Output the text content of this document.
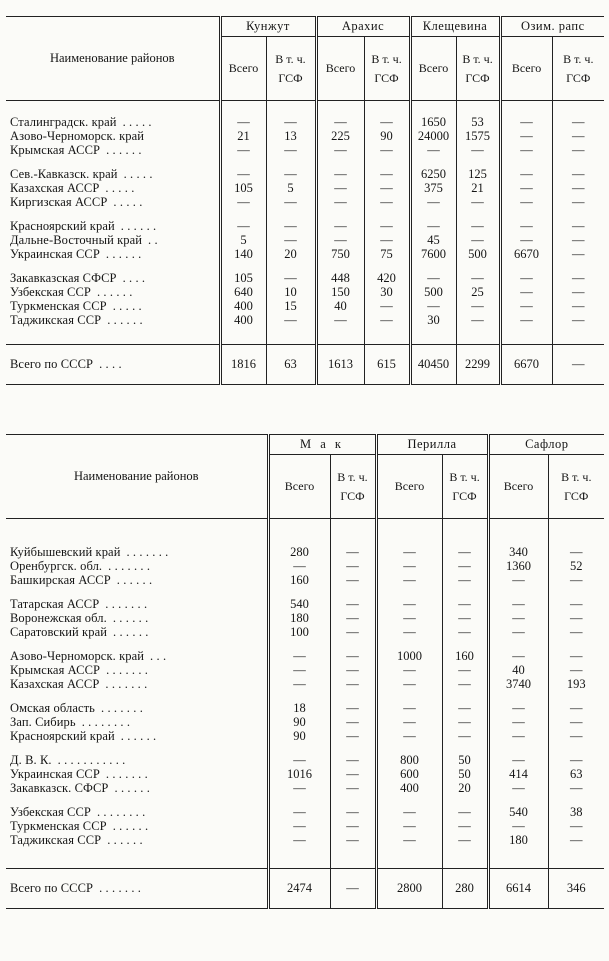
Наименование районов	Кунжут		Арахис		Клещевина		Озим. рапс	
	Всего	В т. ч. ГСФ	Всего	В т. ч. ГСФ	Всего	В т. ч. ГСФ	Всего	В т. ч. ГСФ

Сталинградск. край . . . . .	—	—	—	—	1650	53	—	—
Азово-Черноморск. край	21	13	225	90	24000	1575	—	—
Крымская АССР . . . . . .	—	—	—	—	—	—	—	—

Сев.-Кавказск. край . . . . .	—	—	—	—	6250	125	—	—
Казахская АССР . . . . .	105	5	—	—	375	21	—	—
Киргизская АССР . . . . .	—	—	—	—	—	—	—	—

Красноярский край . . . . . .	—	—	—	—	—	—	—	—
Дальне-Восточный край . .	5	—	—	—	45	—	—	—
Украинская ССР . . . . . .	140	20	750	75	7600	500	6670	—

Закавказская СФСР . . . .	105	—	448	420	—	—	—	—
Узбекская ССР . . . . . .	640	10	150	30	500	25	—	—
Туркменская ССР . . . . .	400	15	40	—	—	—	—	—
Таджикская ССР . . . . . .	400	—	—	—	30	—	—	—

Всего по СССР . . . .	1816	63	1613	615	40450	2299	6670	—
Наименование районов	М а к		Перилла		Сафлор	
	Всего	В т. ч. ГСФ	Всего	В т. ч. ГСФ	Всего	В т. ч. ГСФ

Куйбышевский край . . . . . . .	280	—	—	—	340	—
Оренбургск. обл. . . . . . . .	—	—	—	—	1360	52
Башкирская АССР . . . . . .	160	—	—	—	—	—

Татарская АССР . . . . . . .	540	—	—	—	—	—
Воронежская обл. . . . . . .	180	—	—	—	—	—
Саратовский край . . . . . .	100	—	—	—	—	—

Азово-Черноморск. край . . .	—	—	1000	160	—	—
Крымская АССР . . . . . . .	—	—	—	—	40	—
Казахская АССР . . . . . . .	—	—	—	—	3740	193

Омская область . . . . . . .	18	—	—	—	—	—
Зап. Сибирь . . . . . . . .	90	—	—	—	—	—
Красноярский край . . . . . .	90	—	—	—	—	—

Д. В. К. . . . . . . . . . . .	—	—	800	50	—	—
Украинская ССР . . . . . . .	1016	—	600	50	414	63
Закавказск. СФСР . . . . . .	—	—	400	20	—	—

Узбекская ССР . . . . . . . .	—	—	—	—	540	38
Туркменская ССР . . . . . .	—	—	—	—	—	—
Таджикская ССР . . . . . .	—	—	—	—	180	—

Всего по СССР . . . . . . .	2474	—	2800	280	6614	346
